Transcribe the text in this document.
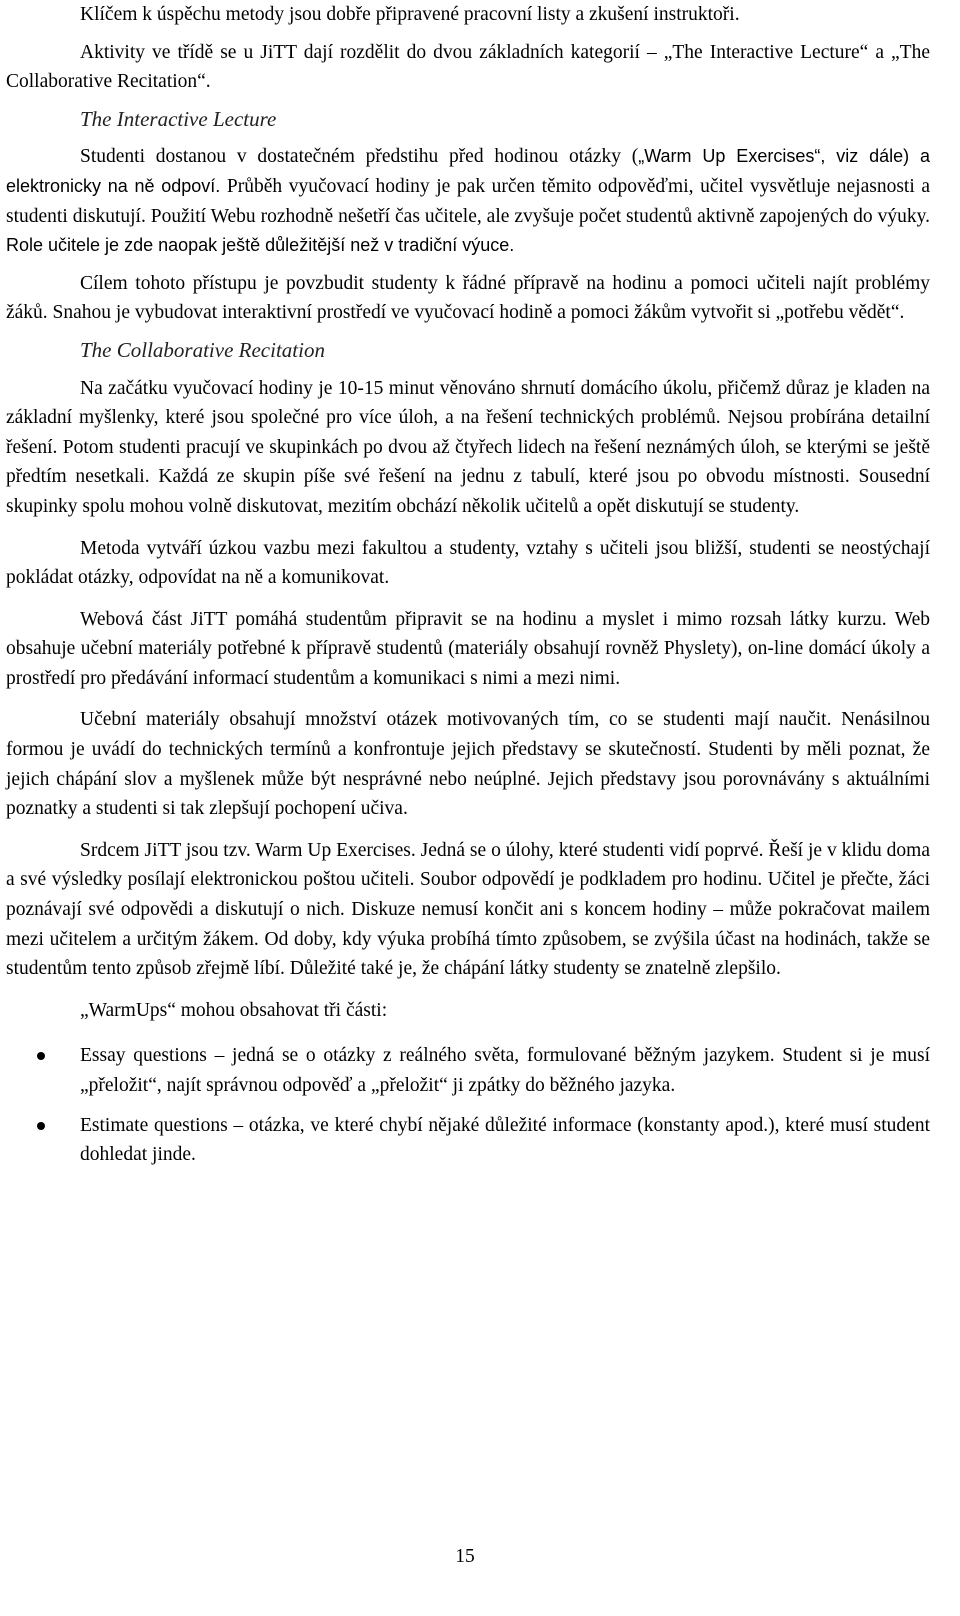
Klíčem k úspěchu metody jsou dobře připravené pracovní listy a zkušení instruktoři.

Aktivity ve třídě se u JiTT dají rozdělit do dvou základních kategorií – „The Interactive Lecture“ a „The Collaborative Recitation“.

The Interactive Lecture

Studenti dostanou v dostatečném předstihu před hodinou otázky („Warm Up Exercises“, viz dále) a elektronicky na ně odpoví. Průběh vyučovací hodiny je pak určen těmito odpověďmi, učitel vysvětluje nejasnosti a studenti diskutují. Použití Webu rozhodně nešetří čas učitele, ale zvyšuje počet studentů aktivně zapojených do výuky. Role učitele je zde naopak ještě důležitější než v tradiční výuce.

Cílem tohoto přístupu je povzbudit studenty k řádné přípravě na hodinu a pomoci učiteli najít problémy žáků. Snahou je vybudovat interaktivní prostředí ve vyučovací hodině a pomoci žákům vytvořit si „potřebu vědět“.

The Collaborative Recitation

Na začátku vyučovací hodiny je 10-15 minut věnováno shrnutí domácího úkolu, přičemž důraz je kladen na základní myšlenky, které jsou společné pro více úloh, a na řešení technických problémů. Nejsou probírána detailní řešení. Potom studenti pracují ve skupinkách po dvou až čtyřech lidech na řešení neznámých úloh, se kterými se ještě předtím nesetkali. Každá ze skupin píše své řešení na jednu z tabulí, které jsou po obvodu místnosti. Sousední skupinky spolu mohou volně diskutovat, mezitím obchází několik učitelů a opět diskutují se studenty.

Metoda vytváří úzkou vazbu mezi fakultou a studenty, vztahy s učiteli jsou bližší, studenti se neostýchají pokládat otázky, odpovídat na ně a komunikovat.

Webová část JiTT pomáhá studentům připravit se na hodinu a myslet i mimo rozsah látky kurzu. Web obsahuje učební materiály potřebné k přípravě studentů (materiály obsahují rovněž Physlety), on-line domácí úkoly a prostředí pro předávání informací studentům a komunikaci s nimi a mezi nimi.

Učební materiály obsahují množství otázek motivovaných tím, co se studenti mají naučit. Nenásilnou formou je uvádí do technických termínů a konfrontuje jejich představy se skutečností. Studenti by měli poznat, že jejich chápání slov a myšlenek může být nesprávné nebo neúplné. Jejich představy jsou porovnávány s aktuálními poznatky a studenti si tak zlepšují pochopení učiva.

Srdcem JiTT jsou tzv. Warm Up Exercises. Jedná se o úlohy, které studenti vidí poprvé. Řeší je v klidu doma a své výsledky posílají elektronickou poštou učiteli. Soubor odpovědí je podkladem pro hodinu. Učitel je přečte, žáci poznávají své odpovědi a diskutují o nich. Diskuze nemusí končit ani s koncem hodiny – může pokračovat mailem mezi učitelem a určitým žákem. Od doby, kdy výuka probíhá tímto způsobem, se zvýšila účast na hodinách, takže se studentům tento způsob zřejmě líbí. Důležité také je, že chápání látky studenty se znatelně zlepšilo.

„WarmUps“ mohou obsahovat tři části:

Essay questions – jedná se o otázky z reálného světa, formulované běžným jazykem. Student si je musí „přeložit“, najít správnou odpověď a „přeložit“ ji zpátky do běžného jazyka.
Estimate questions – otázka, ve které chybí nějaké důležité informace (konstanty apod.), které musí student dohledat jinde.
15
